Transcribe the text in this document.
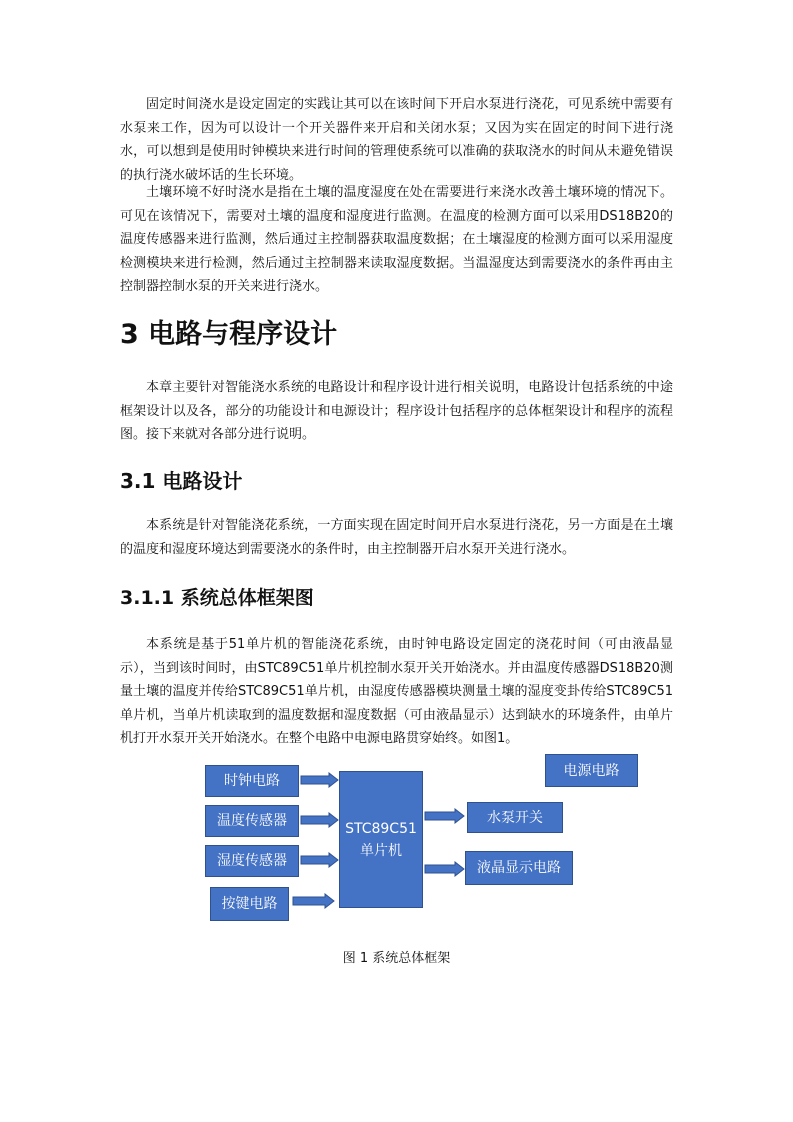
固定时间浇水是设定固定的实践让其可以在该时间下开启水泵进行浇花，可见系统中需要有水泵来工作，因为可以设计一个开关器件来开启和关闭水泵；又因为实在固定的时间下进行浇水，可以想到是使用时钟模块来进行时间的管理使系统可以准确的获取浇水的时间从未避免错误的执行浇水破坏话的生长环境。

土壤环境不好时浇水是指在土壤的温度湿度在处在需要进行来浇水改善土壤环境的情况下。可见在该情况下，需要对土壤的温度和湿度进行监测。在温度的检测方面可以采用DS18B20的温度传感器来进行监测，然后通过主控制器获取温度数据；在土壤湿度的检测方面可以采用湿度检测模块来进行检测，然后通过主控制器来读取湿度数据。当温湿度达到需要浇水的条件再由主控制器控制水泵的开关来进行浇水。

3 电路与程序设计

本章主要针对智能浇水系统的电路设计和程序设计进行相关说明，电路设计包括系统的中途框架设计以及各，部分的功能设计和电源设计；程序设计包括程序的总体框架设计和程序的流程图。接下来就对各部分进行说明。

3.1 电路设计

本系统是针对智能浇花系统，一方面实现在固定时间开启水泵进行浇花，另一方面是在土壤的温度和湿度环境达到需要浇水的条件时，由主控制器开启水泵开关进行浇水。

3.1.1 系统总体框架图

本系统是基于51单片机的智能浇花系统，由时钟电路设定固定的浇花时间（可由液晶显示），当到该时间时，由STC89C51单片机控制水泵开关开始浇水。并由温度传感器DS18B20测量土壤的温度并传给STC89C51单片机，由湿度传感器模块测量土壤的湿度变卦传给STC89C51单片机，当单片机读取到的温度数据和湿度数据（可由液晶显示）达到缺水的环境条件，由单片机打开水泵开关开始浇水。在整个电路中电源电路贯穿始终。如图1。

时钟电路
温度传感器
湿度传感器
按键电路
STC89C51
单片机
电源电路
水泵开关
液晶显示电路

图 1 系统总体框架
